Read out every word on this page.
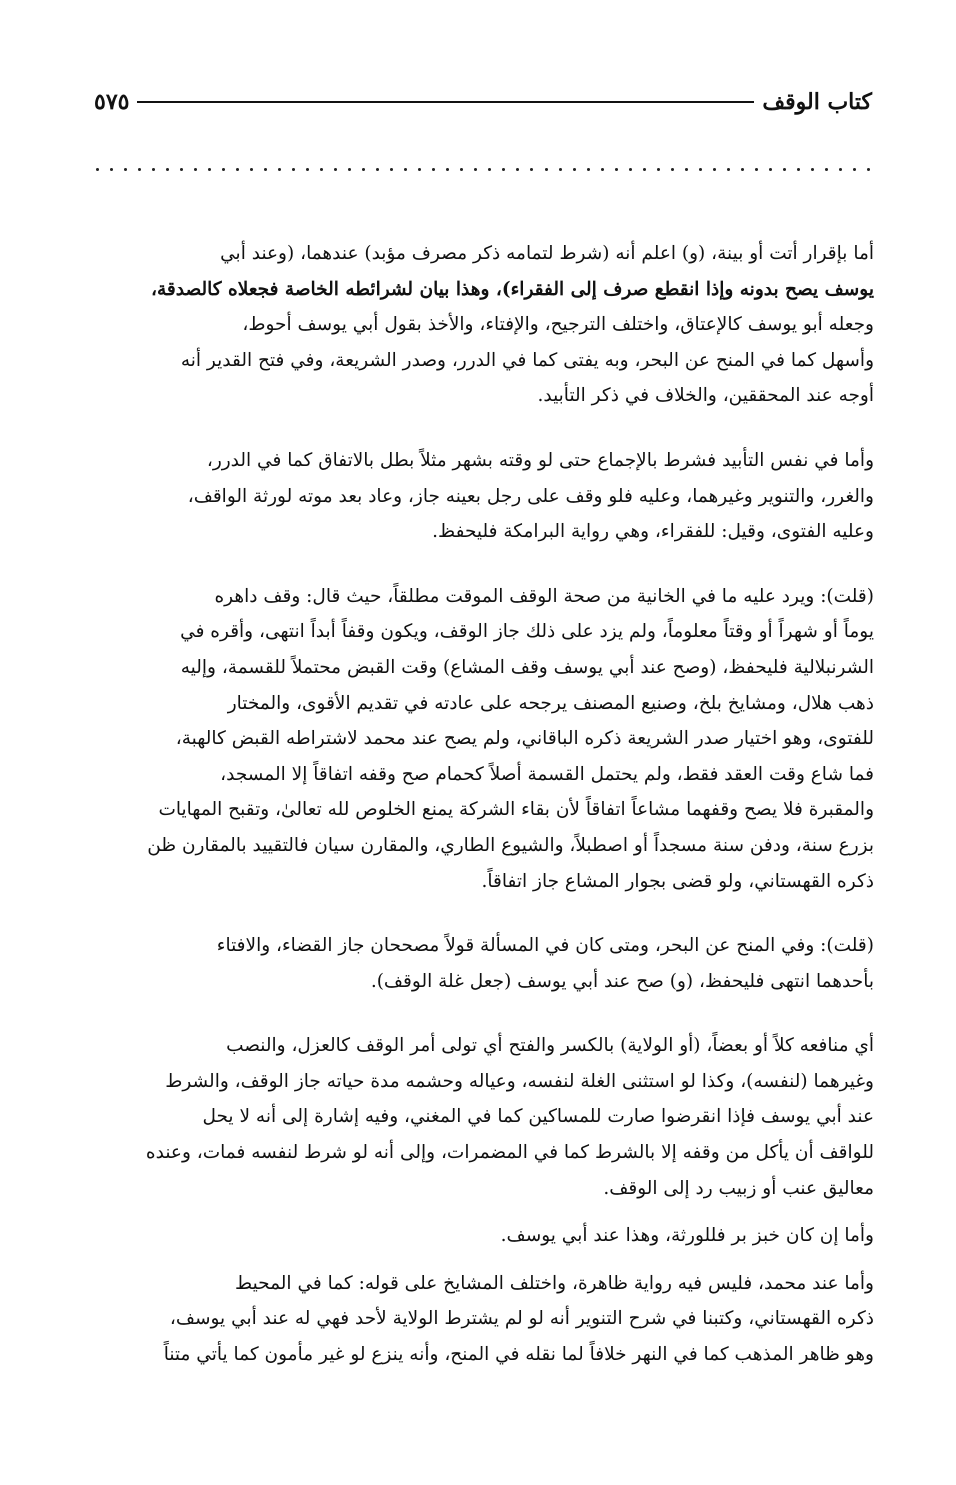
كتاب الوقف
٥٧٥
أما بإقرار أتت أو بينة، (و) اعلم أنه (شرط لتمامه ذكر مصرف مؤبد) عندهما، (وعند أبي
يوسف يصح بدونه وإذا انقطع صرف إلى الفقراء)، وهذا بيان لشرائطه الخاصة فجعلاه كالصدقة،
وجعله أبو يوسف كالإعتاق، واختلف الترجيح، والإفتاء، والأخذ بقول أبي يوسف أحوط،
وأسهل كما في المنح عن البحر، وبه يفتى كما في الدرر، وصدر الشريعة، وفي فتح القدير أنه
أوجه عند المحققين، والخلاف في ذكر التأبيد.
وأما في نفس التأبيد فشرط بالإجماع حتى لو وقته بشهر مثلاً بطل بالاتفاق كما في الدرر،
والغرر، والتنوير وغيرهما، وعليه فلو وقف على رجل بعينه جاز، وعاد بعد موته لورثة الواقف،
وعليه الفتوى، وقيل: للفقراء، وهي رواية البرامكة فليحفظ.
(قلت): ويرد عليه ما في الخانية من صحة الوقف الموقت مطلقاً، حيث قال: وقف داهره
يوماً أو شهراً أو وقتاً معلوماً، ولم يزد على ذلك جاز الوقف، ويكون وقفاً أبداً انتهى، وأقره في
الشرنبلالية فليحفظ، (وصح عند أبي يوسف وقف المشاع) وقت القبض محتملاً للقسمة، وإليه
ذهب هلال، ومشايخ بلخ، وصنيع المصنف يرجحه على عادته في تقديم الأقوى، والمختار
للفتوى، وهو اختيار صدر الشريعة ذكره الباقاني، ولم يصح عند محمد لاشتراطه القبض كالهبة،
فما شاع وقت العقد فقط، ولم يحتمل القسمة أصلاً كحمام صح وقفه اتفاقاً إلا المسجد،
والمقبرة فلا يصح وقفهما مشاعاً اتفاقاً لأن بقاء الشركة يمنع الخلوص لله تعالىٰ، وتقبح المهايات
بزرع سنة، ودفن سنة مسجداً أو اصطبلاً، والشيوع الطاري، والمقارن سيان فالتقييد بالمقارن ظن
ذكره القهستاني، ولو قضى بجوار المشاع جاز اتفاقاً.
(قلت): وفي المنح عن البحر، ومتى كان في المسألة قولاً مصححان جاز القضاء، والافتاء
بأحدهما انتهى فليحفظ، (و) صح عند أبي يوسف (جعل غلة الوقف).
أي منافعه كلاً أو بعضاً، (أو الولاية) بالكسر والفتح أي تولى أمر الوقف كالعزل، والنصب
وغيرهما (لنفسه)، وكذا لو استثنى الغلة لنفسه، وعياله وحشمه مدة حياته جاز الوقف، والشرط
عند أبي يوسف فإذا انقرضوا صارت للمساكين كما في المغني، وفيه إشارة إلى أنه لا يحل
للواقف أن يأكل من وقفه إلا بالشرط كما في المضمرات، وإلى أنه لو شرط لنفسه فمات، وعنده
معاليق عنب أو زبيب رد إلى الوقف.
وأما إن كان خبز بر فللورثة، وهذا عند أبي يوسف.
وأما عند محمد، فليس فيه رواية ظاهرة، واختلف المشايخ على قوله: كما في المحيط
ذكره القهستاني، وكتبنا في شرح التنوير أنه لو لم يشترط الولاية لأحد فهي له عند أبي يوسف،
وهو ظاهر المذهب كما في النهر خلافاً لما نقله في المنح، وأنه ينزع لو غير مأمون كما يأتي متناً
